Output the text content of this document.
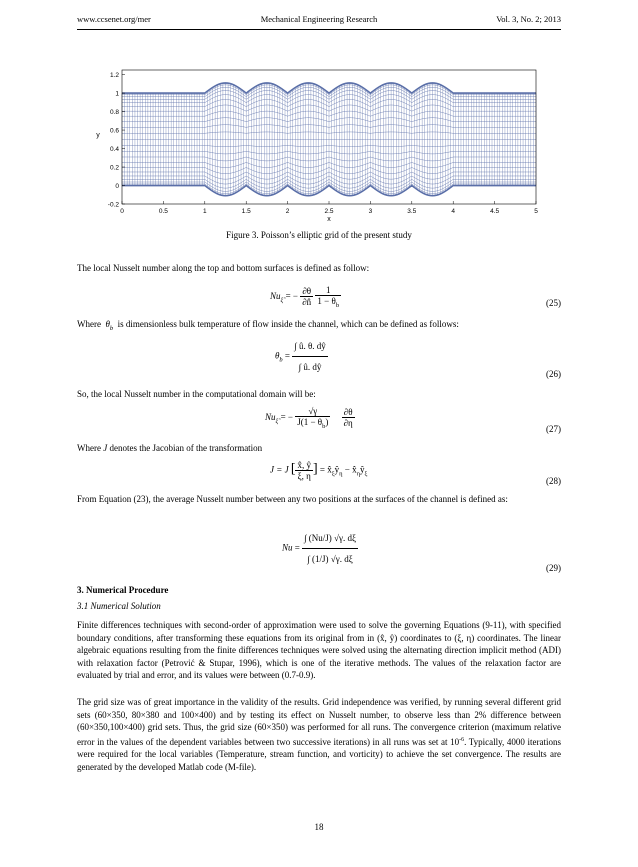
www.ccsenet.org/mer	Mechanical Engineering Research	Vol. 3, No. 2; 2013
1.2
1
0.8
0.6
0.4
0.2
0
-0.2
0	0.5	1	1.5	2	2.5	3	3.5	4	4.5	5
y
x
Figure 3. Poisson’s elliptic grid of the present study
The local Nusselt number along the top and bottom surfaces is defined as follow:
$Nu_{\xî}$ = − $\frac{\partial\theta}{\partial n̂}$
$\frac{1}{1 - \theta_b}$	(25)
Where $\theta_b$ is dimensionless bulk temperature of flow inside the channel, which can be defined as follows:
$\theta_b = \frac{\int û. \theta. dŷ}{\int û. dŷ}$	(26)
So, the local Nusselt number in the computational domain will be:
$Nu_{\xî}$ = − $\frac{√\gamma}{J(1 - \theta_b)}$
$\frac{\partial\theta}{\partial\eta}$
(27)
Where J denotes the Jacobian of the transformation
J = J [ $\frac{x̂, ŷ}{\xi, \eta}$ ] = $x̂_\xi ŷ_\eta$ − $x̂_\eta ŷ_\xi$
(28)
From Equation (23), the average Nusselt number between any two positions at the surfaces of the channel is defined as:
$Nu = \frac{\int (Nu/J) √\gamma. d\xi}{\int (1/J) √\gamma. d\xi}$	(29)
3. Numerical Procedure
3.1 Numerical Solution
Finite differences techniques with second-order of approximation were used to solve the governing Equations (9-11), with specified boundary conditions, after transforming these equations from its original from in (x̂, ŷ) coordinates to (ξ, η) coordinates. The linear algebraic equations resulting from the finite differences techniques were solved using the alternating direction implicit method (ADI) with relaxation factor (Petrović & Stupar, 1996), which is one of the iterative methods. The values of the relaxation factor are evaluated by trial and error, and its values were between (0.7-0.9).
The grid size was of great importance in the validity of the results. Grid independence was verified, by running several different grid sets (60×350, 80×380 and 100×400) and by testing its effect on Nusselt number, to observe less than 2% difference between (60×350,100×400) grid sets. Thus, the grid size (60×350) was performed for all runs. The convergence criterion (maximum relative error in the values of the dependent variables between two successive iterations) in all runs was set at $10^{-6}$. Typically, 4000 iterations were required for the local variables (Temperature, stream function, and vorticity) to achieve the set convergence. The results are generated by the developed Matlab code (M-file).
18
